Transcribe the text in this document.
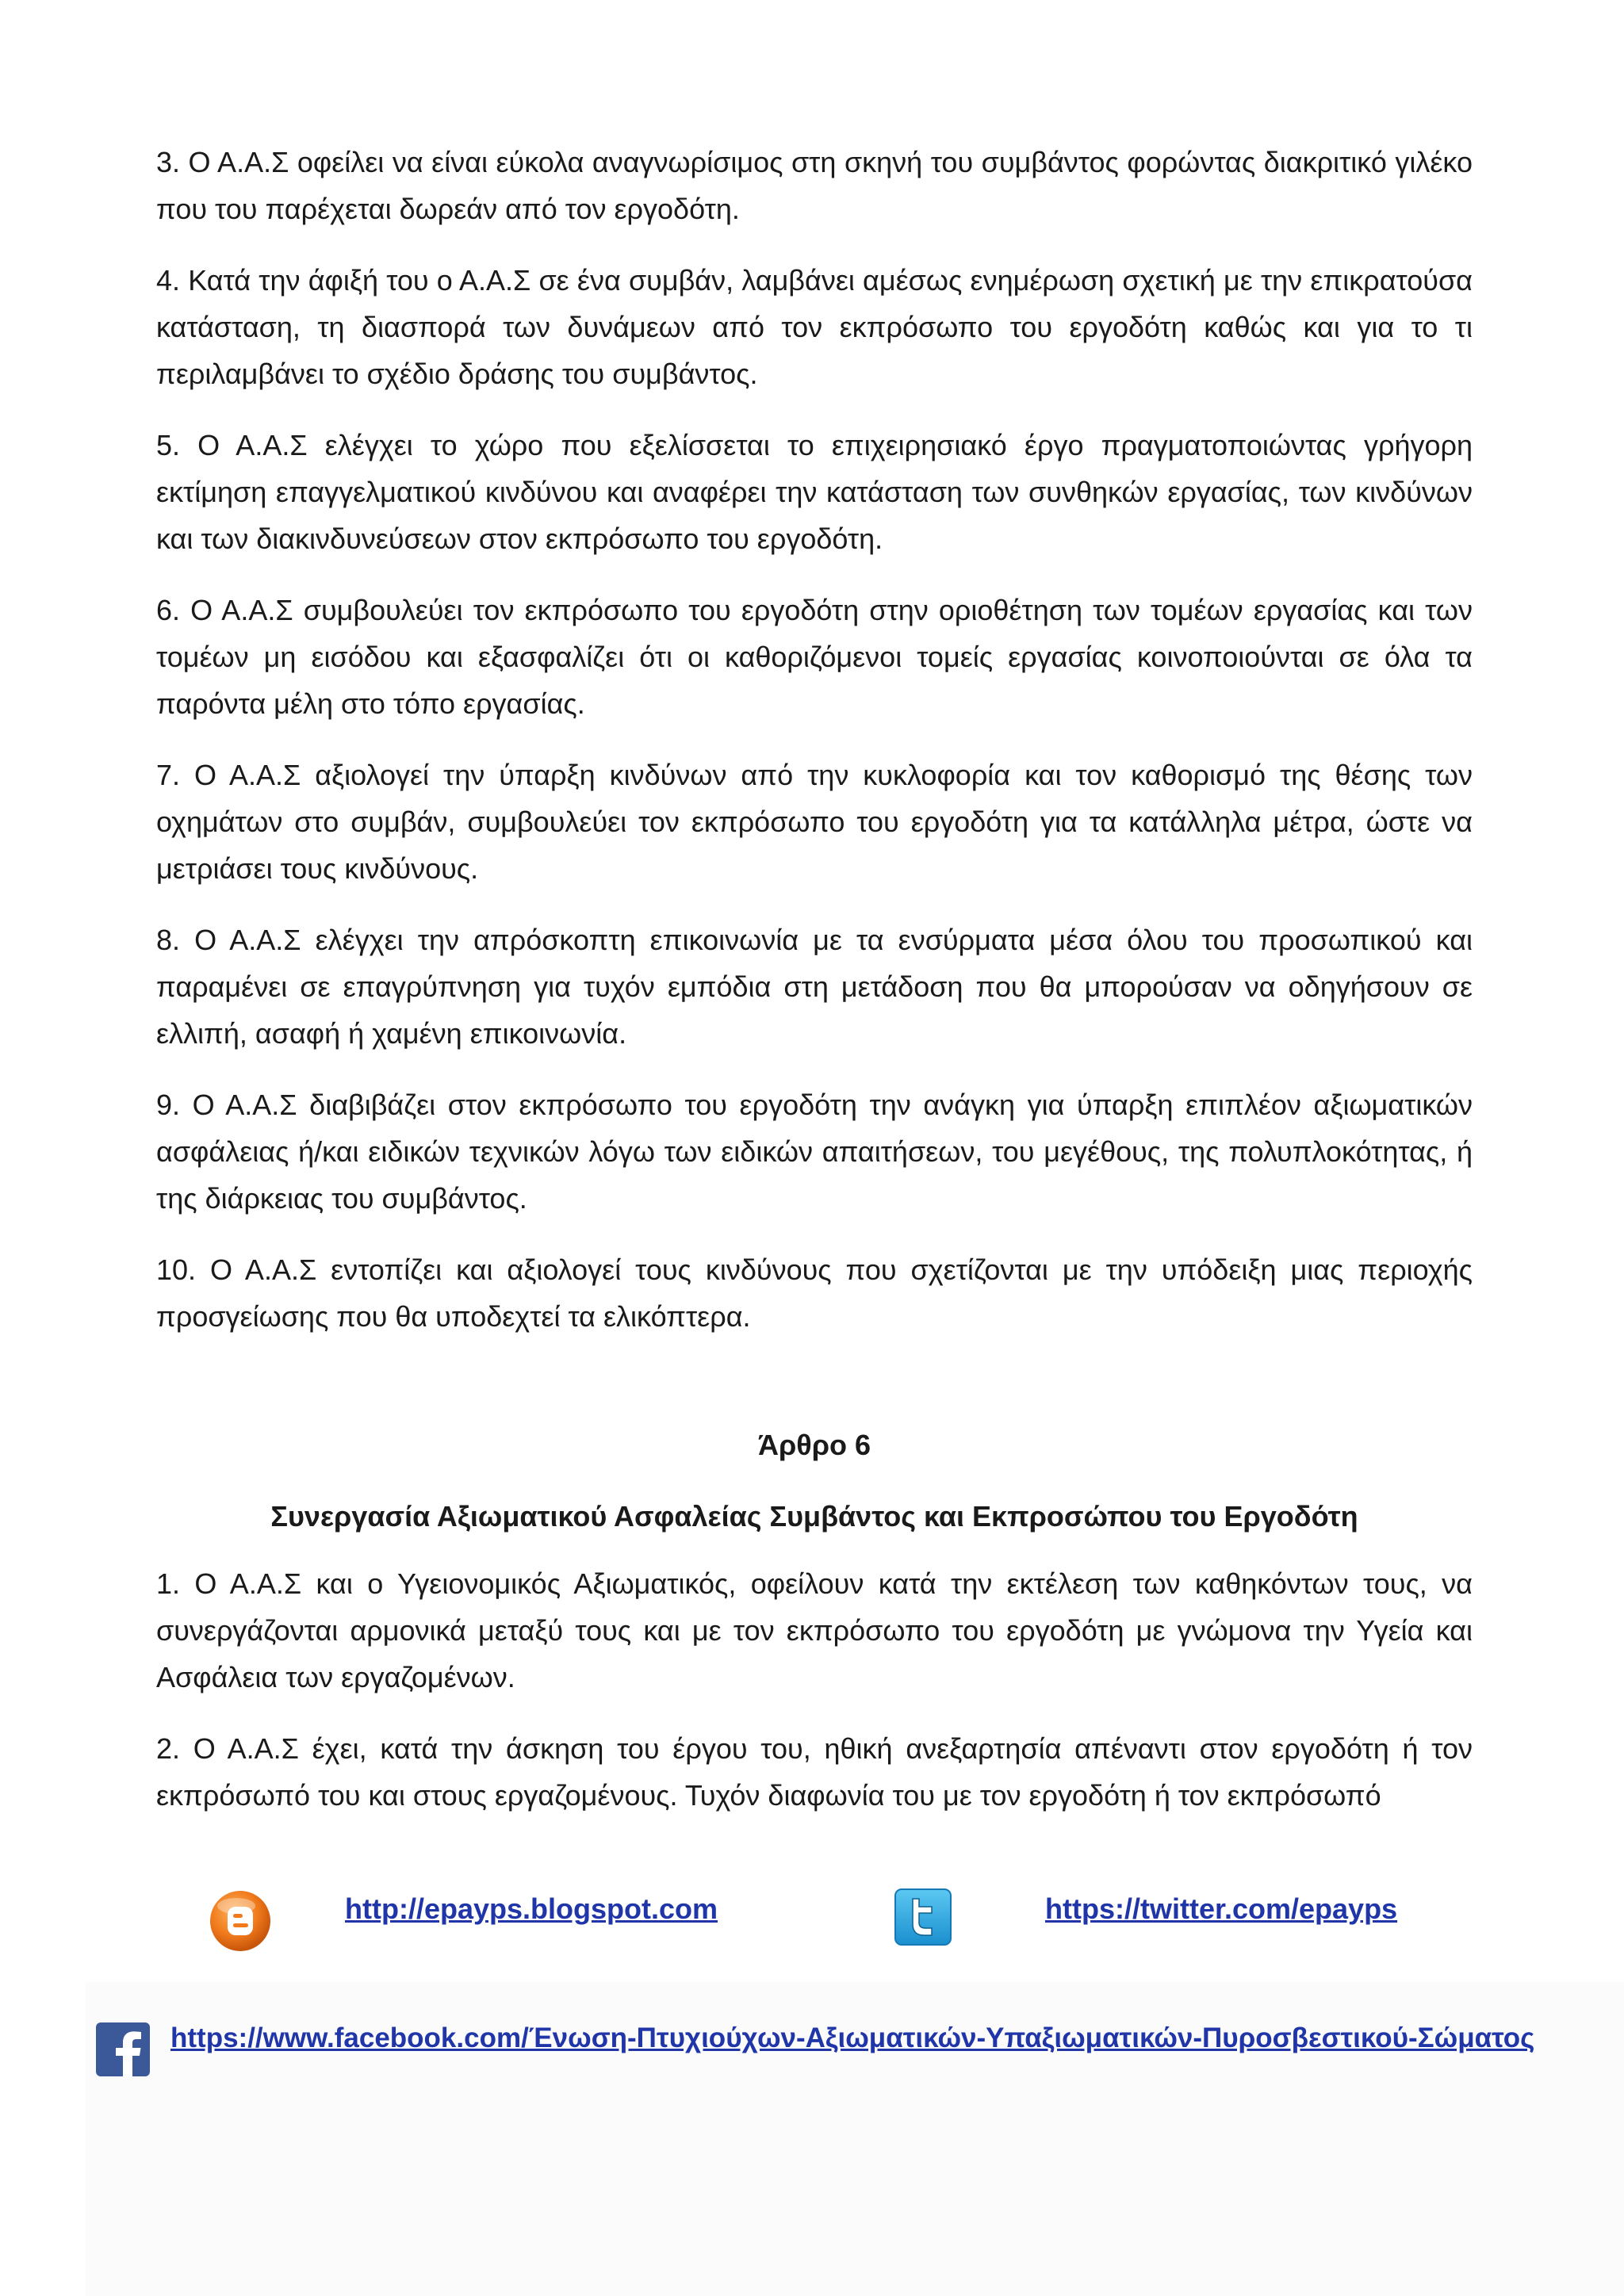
3. Ο Α.Α.Σ οφείλει να είναι εύκολα αναγνωρίσιμος στη σκηνή του συμβάντος φορώντας διακριτικό γιλέκο που του παρέχεται δωρεάν από τον εργοδότη.

4. Κατά την άφιξή του ο Α.Α.Σ σε ένα συμβάν, λαμβάνει αμέσως ενημέρωση σχετική με την επικρατούσα κατάσταση, τη διασπορά των δυνάμεων από τον εκπρόσωπο του εργοδότη καθώς και για το τι περιλαμβάνει το σχέδιο δράσης του συμβάντος.

5. Ο Α.Α.Σ ελέγχει το χώρο που εξελίσσεται το επιχειρησιακό έργο πραγματοποιώντας γρήγορη εκτίμηση επαγγελματικού κινδύνου και αναφέρει την κατάσταση των συνθηκών εργασίας, των κινδύνων και των διακινδυνεύσεων στον εκπρόσωπο του εργοδότη.

6. Ο Α.Α.Σ συμβουλεύει τον εκπρόσωπο του εργοδότη στην οριοθέτηση των τομέων εργασίας και των τομέων μη εισόδου και εξασφαλίζει ότι οι καθοριζόμενοι τομείς εργασίας κοινοποιούνται σε όλα τα παρόντα μέλη στο τόπο εργασίας.

7. Ο Α.Α.Σ αξιολογεί την ύπαρξη κινδύνων από την κυκλοφορία και τον καθορισμό της θέσης των οχημάτων στο συμβάν, συμβουλεύει τον εκπρόσωπο του εργοδότη για τα κατάλληλα μέτρα, ώστε να μετριάσει τους κινδύνους.

8. Ο Α.Α.Σ ελέγχει την απρόσκοπτη επικοινωνία με τα ενσύρματα μέσα όλου του προσωπικού και παραμένει σε επαγρύπνηση για τυχόν εμπόδια στη μετάδοση που θα μπορούσαν να οδηγήσουν σε ελλιπή, ασαφή ή χαμένη επικοινωνία.

9. Ο Α.Α.Σ διαβιβάζει στον εκπρόσωπο του εργοδότη την ανάγκη για ύπαρξη επιπλέον αξιωματικών ασφάλειας ή/και ειδικών τεχνικών λόγω των ειδικών απαιτήσεων, του μεγέθους, της πολυπλοκότητας, ή της διάρκειας του συμβάντος.

10. Ο Α.Α.Σ εντοπίζει και αξιολογεί τους κινδύνους που σχετίζονται με την υπόδειξη μιας περιοχής προσγείωσης που θα υποδεχτεί τα ελικόπτερα.

Άρθρο 6

Συνεργασία Αξιωματικού Ασφαλείας Συμβάντος και Εκπροσώπου του Εργοδότη

1. Ο Α.Α.Σ και ο Υγειονομικός Αξιωματικός, οφείλουν κατά την εκτέλεση των καθηκόντων τους, να συνεργάζονται αρμονικά μεταξύ τους και με τον εκπρόσωπο του εργοδότη με γνώμονα την Υγεία και Ασφάλεια των εργαζομένων.

2. Ο Α.Α.Σ έχει, κατά την άσκηση του έργου του, ηθική ανεξαρτησία απέναντι στον εργοδότη ή τον εκπρόσωπό του και στους εργαζομένους. Τυχόν διαφωνία του με τον εργοδότη ή τον εκπρόσωπό

http://epayps.blogspot.com	https://twitter.com/epayps
https://www.facebook.com/Ένωση-Πτυχιούχων-Αξιωματικών-Υπαξιωματικών-Πυροσβεστικού-Σώματος
